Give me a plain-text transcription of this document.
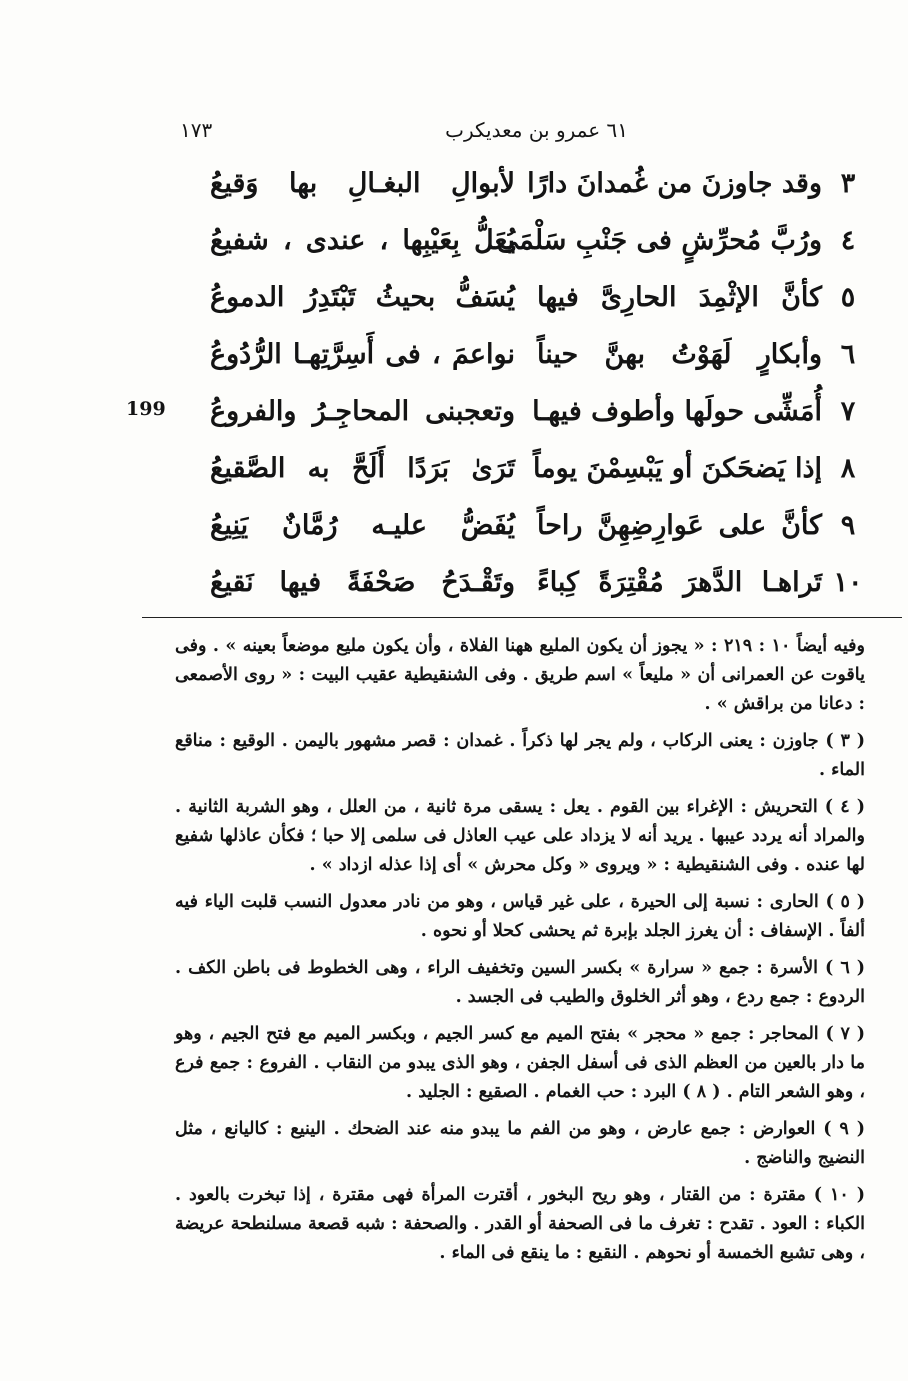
٦١ عمرو بن معديكرب
١٧٣
199
٣
وقد جاوزنَ من غُمدانَ دارًا
لأبوالِ البغـالِ بها وَقيعُ
٤
ورُبَّ مُحرِّشٍ فى جَنْبِ سَلْمَى
يُعَلُّ بِعَيْبِها ، عندى ، شفيعُ
٥
كأنَّ الإثْمِدَ الحارِىَّ فيها
يُسَفُّ بحيثُ تَبْتَدِرُ الدموعُ
٦
وأبكارٍ لَهَوْتُ بهنَّ حيناً
نواعمَ ، فى أَسِرَّتِهـا الرُّدُوعُ
٧
أُمَشِّى حولَها وأطوف فيهـا
وتعجبنى المحاجِـرُ والفروعُ
٨
إذا يَضحَكنَ أو يَبْسِمْنَ يوماً
تَرَىٰ بَرَدًا أَلَحَّ به الصَّقيعُ
٩
كأنَّ على عَوارِضِهِنَّ راحاً
يُفَضُّ عليـه رُمَّانٌ يَنِيعُ
١٠
تَراهـا الدَّهرَ مُقْتِرَةً كِباءً
وتَقْـدَحُ صَحْفَةً فيها نَقيعُ

وفيه أيضاً ١٠ : ٢١٩ : « يجوز أن يكون المليع ههنا الفلاة ، وأن يكون مليع موضعاً بعينه » . وفى ياقوت عن العمرانى أن « مليعاً » اسم طريق . وفى الشنقيطية عقيب البيت : « روى الأصمعى : دعانا من براقش » .

( ٣ ) جاوزن : يعنى الركاب ، ولم يجر لها ذكراً . غمدان : قصر مشهور باليمن . الوقيع : مناقع الماء .

( ٤ ) التحريش : الإغراء بين القوم . يعل : يسقى مرة ثانية ، من العلل ، وهو الشربة الثانية . والمراد أنه يردد عيبها . يريد أنه لا يزداد على عيب العاذل فى سلمى إلا حبا ؛ فكأن عاذلها شفيع لها عنده . وفى الشنقيطية : « ويروى « وكل محرش » أى إذا عذله ازداد » .

( ٥ ) الحارى : نسبة إلى الحيرة ، على غير قياس ، وهو من نادر معدول النسب قلبت الياء فيه ألفاً . الإسفاف : أن يغرز الجلد بإبرة ثم يحشى كحلا أو نحوه .

( ٦ ) الأسرة : جمع « سرارة » بكسر السين وتخفيف الراء ، وهى الخطوط فى باطن الكف . الردوع : جمع ردع ، وهو أثر الخلوق والطيب فى الجسد .

( ٧ ) المحاجر : جمع « محجر » بفتح الميم مع كسر الجيم ، وبكسر الميم مع فتح الجيم ، وهو ما دار بالعين من العظم الذى فى أسفل الجفن ، وهو الذى يبدو من النقاب . الفروع : جمع فرع ، وهو الشعر التام . ( ٨ ) البرد : حب الغمام . الصقيع : الجليد .

( ٩ ) العوارض : جمع عارض ، وهو من الفم ما يبدو منه عند الضحك . الينيع : كاليانع ، مثل النضيج والناضج .

( ١٠ ) مقترة : من القتار ، وهو ريح البخور ، أقترت المرأة فهى مقترة ، إذا تبخرت بالعود . الكباء : العود . تقدح : تغرف ما فى الصحفة أو القدر . والصحفة : شبه قصعة مسلنطحة عريضة ، وهى تشبع الخمسة أو نحوهم . النقيع : ما ينقع فى الماء .
